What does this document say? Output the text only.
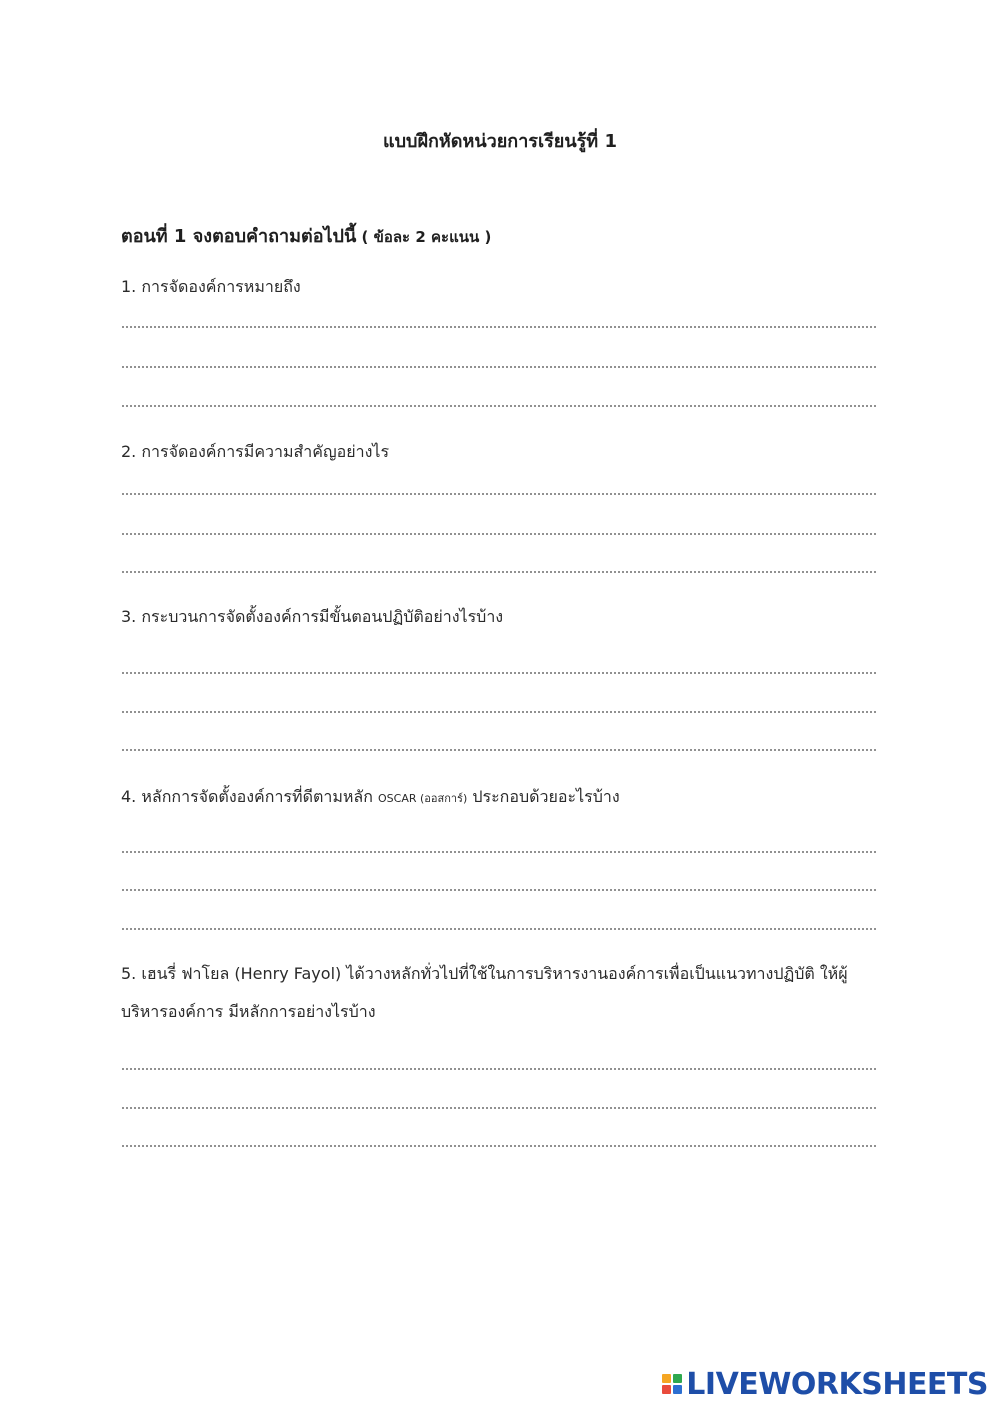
แบบฝึกหัดหน่วยการเรียนรู้ที่ 1
ตอนที่ 1 จงตอบคำถามต่อไปนี้ ( ข้อละ 2 คะแนน )
1. การจัดองค์การหมายถึง
2. การจัดองค์การมีความสำคัญอย่างไร
3. กระบวนการจัดตั้งองค์การมีขั้นตอนปฏิบัติอย่างไรบ้าง
4. หลักการจัดตั้งองค์การที่ดีตามหลัก OSCAR (ออสการ์) ประกอบด้วยอะไรบ้าง
5. เฮนรี่ ฟาโยล (Henry Fayol) ได้วางหลักทั่วไปที่ใช้ในการบริหารงานองค์การเพื่อเป็นแนวทางปฏิบัติ ให้ผู้บริหารองค์การ มีหลักการอย่างไรบ้าง
LIVEWORKSHEETS
